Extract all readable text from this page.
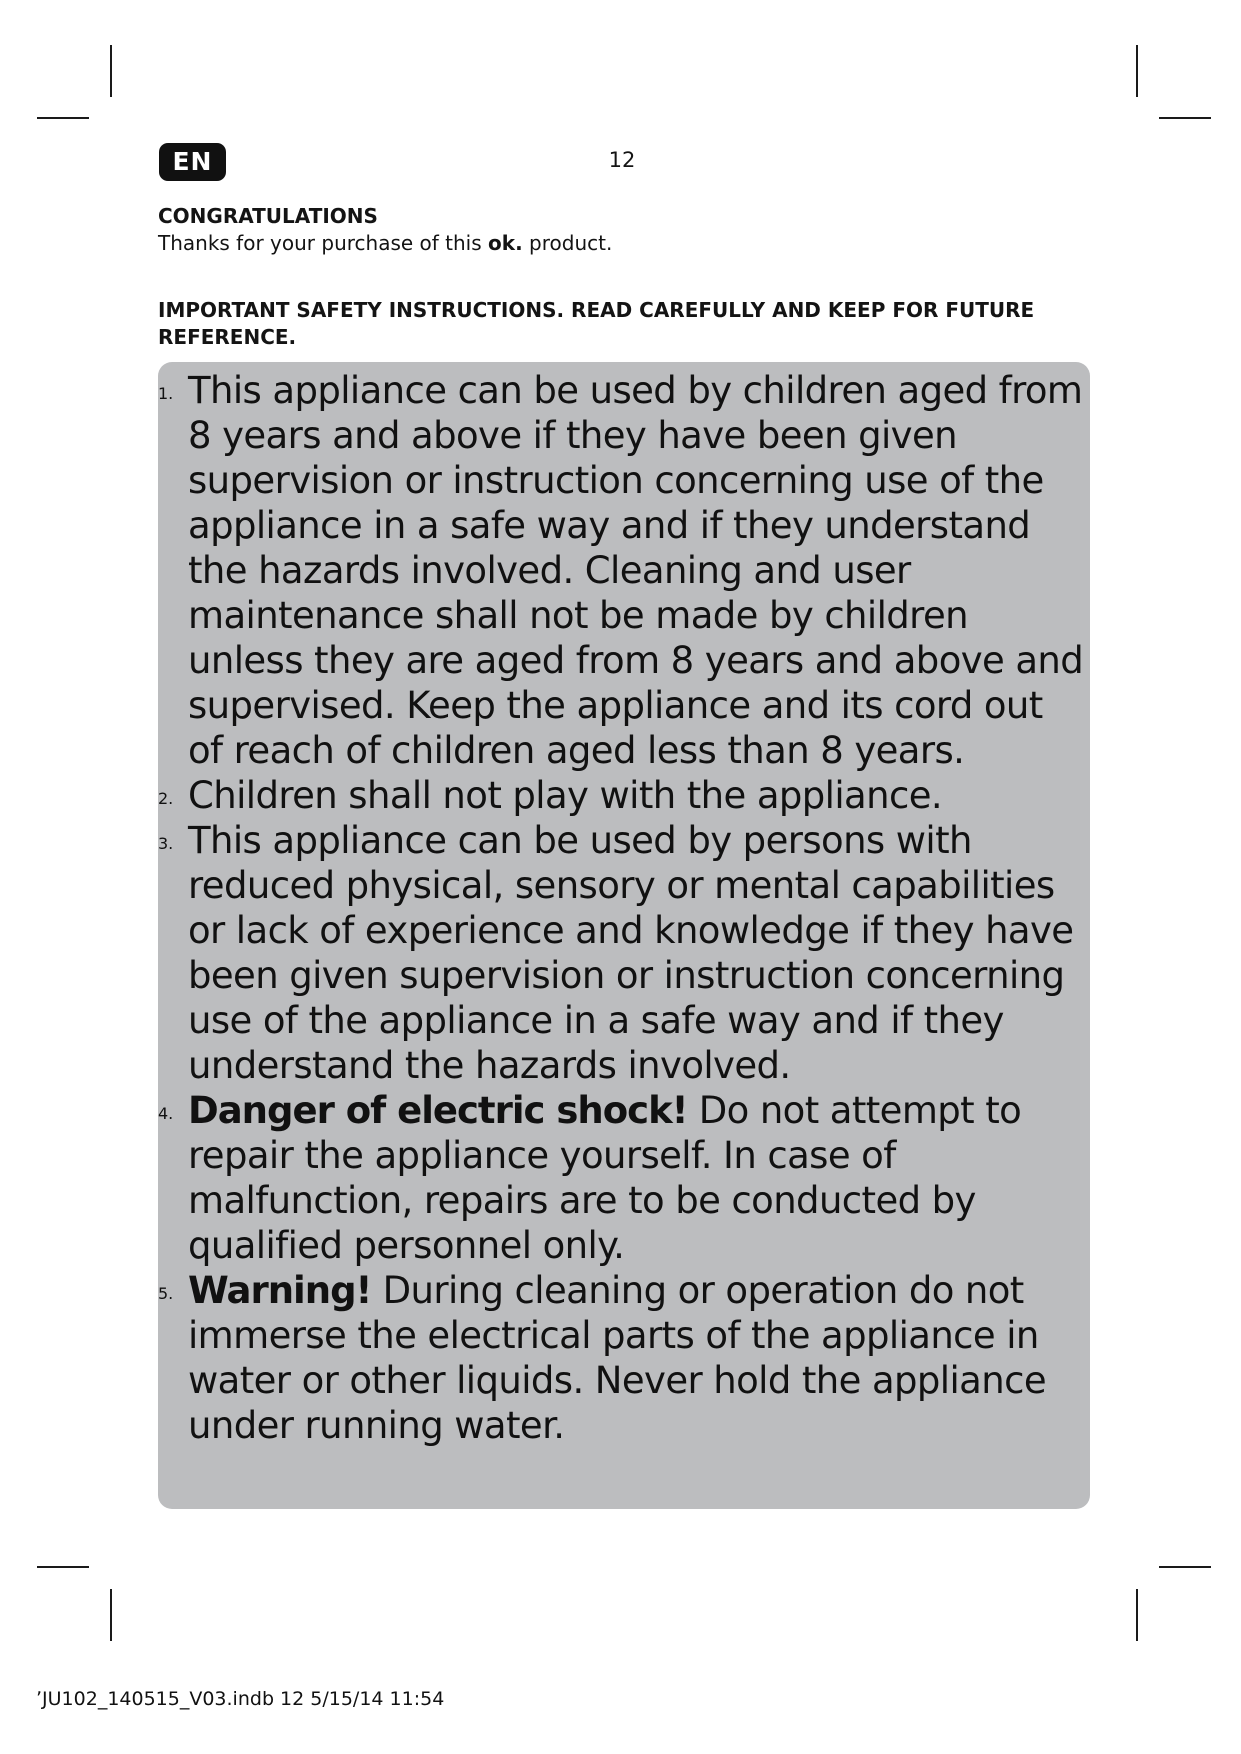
EN	12
CONGRATULATIONS
Thanks for your purchase of this ok. product.
IMPORTANT SAFETY INSTRUCTIONS. READ CAREFULLY AND KEEP FOR FUTURE REFERENCE.
1. This appliance can be used by children aged from 8 years and above if they have been given supervision or instruction concerning use of the appliance in a safe way and if they understand the hazards involved. Cleaning and user maintenance shall not be made by children unless they are aged from 8 years and above and supervised. Keep the appliance and its cord out of reach of children aged less than 8 years.
2. Children shall not play with the appliance.
3. This appliance can be used by persons with reduced physical, sensory or mental capabilities or lack of experience and knowledge if they have been given supervision or instruction concerning use of the appliance in a safe way and if they understand the hazards involved.
4. Danger of electric shock! Do not attempt to repair the appliance yourself. In case of malfunction, repairs are to be conducted by qualified personnel only.
5. Warning! During cleaning or operation do not immerse the electrical parts of the appliance in water or other liquids. Never hold the appliance under running water.
ʼJU102_140515_V03.indb 12 5/15/14 11:54
